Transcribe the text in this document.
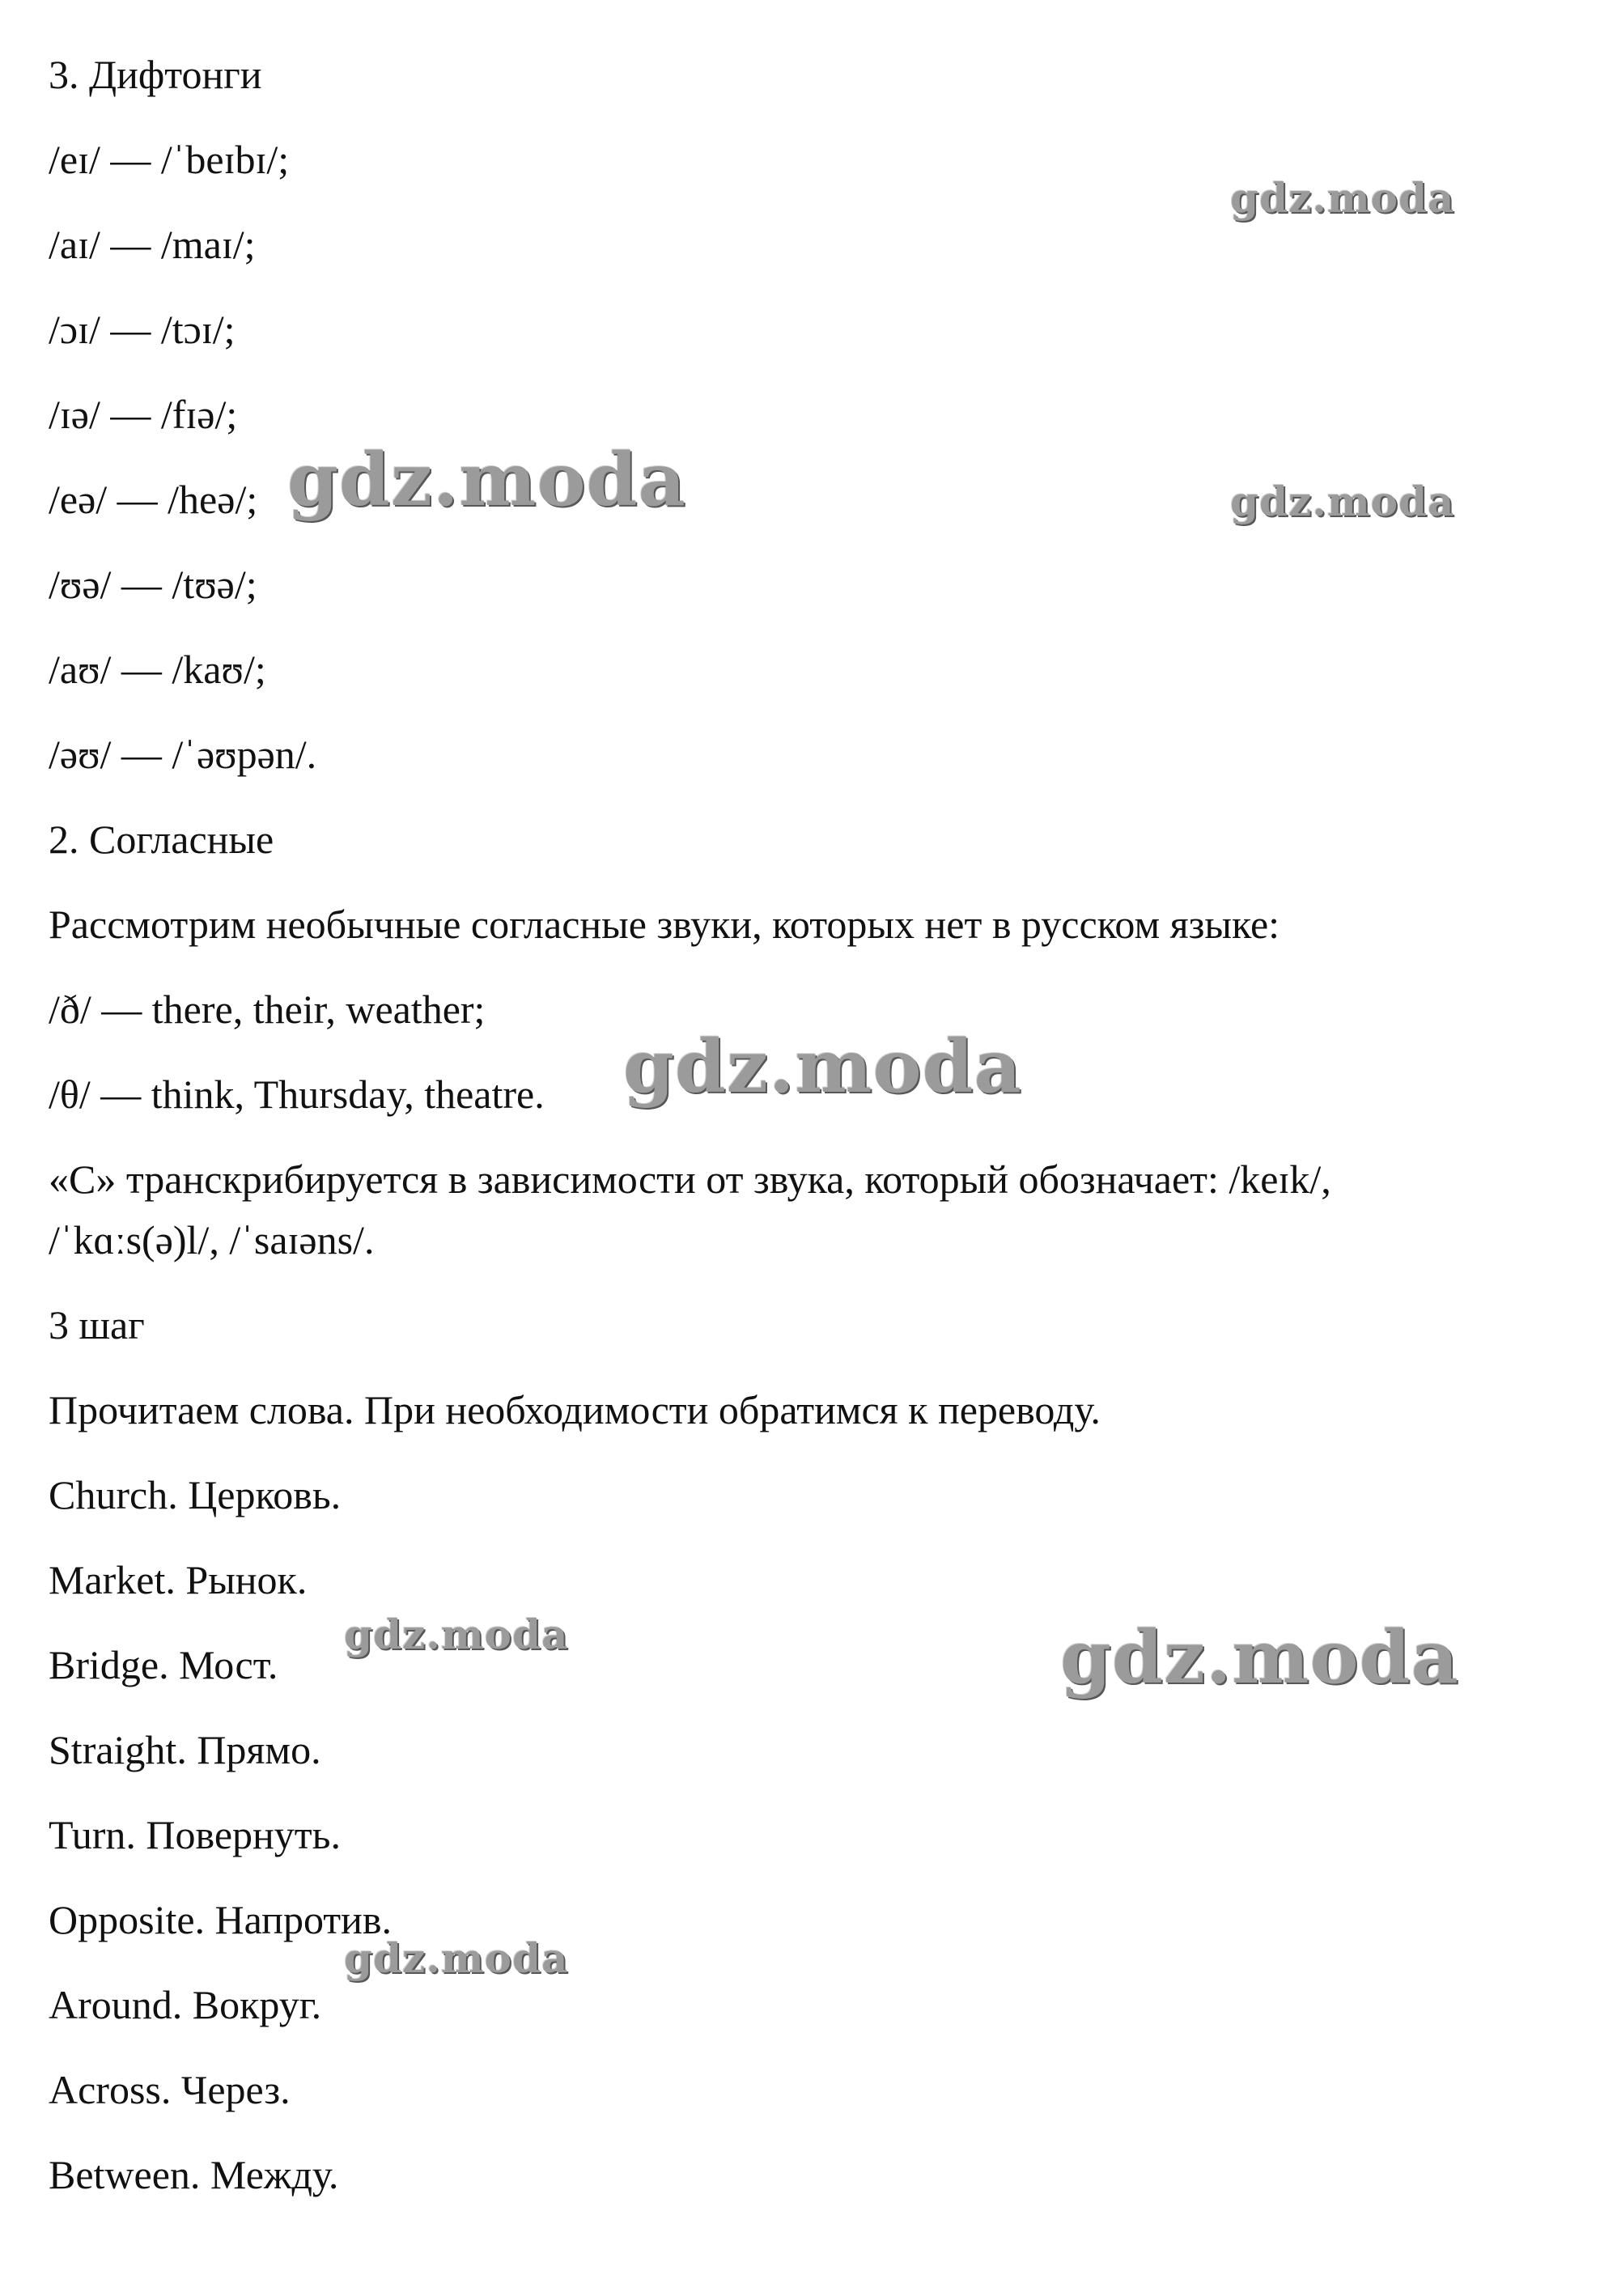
3. Дифтонги

/eɪ/ — /ˈbeɪbɪ/;

/aɪ/ — /maɪ/;

/ɔɪ/ — /tɔɪ/;

/ɪə/ — /fɪə/;

/eə/ — /heə/;

/ʊə/ — /tʊə/;

/aʊ/ — /kaʊ/;

/əʊ/ — /ˈəʊpən/.

2. Согласные

Рассмотрим необычные согласные звуки, которых нет в русском языке:

/ð/ — there, their, weather;

/θ/ — think, Thursday, theatre.

«С» транскрибируется в зависимости от звука, который обозначает: /keɪk/,

/ˈkɑːs(ə)l/, /ˈsaɪəns/.

3 шаг

Прочитаем слова. При необходимости обратимся к переводу.

Church. Церковь.

Market. Рынок.

Bridge. Мост.

Straight. Прямо.

Turn. Повернуть.

Opposite. Напротив.

Around. Вокруг.

Across. Через.

Between. Между.

gdz.moda
gdz.moda	gdz.moda
gdz.moda
gdz.moda	gdz.moda
gdz.moda
